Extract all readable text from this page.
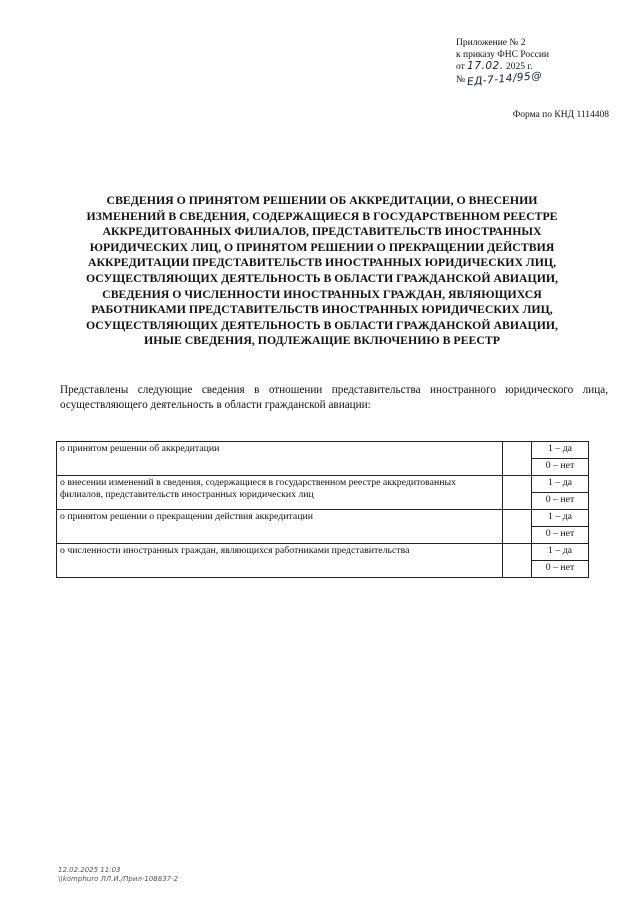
Приложение № 2
к приказу ФНС России
от 17.02. 2025 г.
№ ЕД-7-14/95@
Форма по КНД 1114408
СВЕДЕНИЯ О ПРИНЯТОМ РЕШЕНИИ ОБ АККРЕДИТАЦИИ, О ВНЕСЕНИИ
ИЗМЕНЕНИЙ В СВЕДЕНИЯ, СОДЕРЖАЩИЕСЯ В ГОСУДАРСТВЕННОМ РЕЕСТРЕ
АККРЕДИТОВАННЫХ ФИЛИАЛОВ, ПРЕДСТАВИТЕЛЬСТВ ИНОСТРАННЫХ
ЮРИДИЧЕСКИХ ЛИЦ, О ПРИНЯТОМ РЕШЕНИИ О ПРЕКРАЩЕНИИ ДЕЙСТВИЯ
АККРЕДИТАЦИИ ПРЕДСТАВИТЕЛЬСТВ ИНОСТРАННЫХ ЮРИДИЧЕСКИХ ЛИЦ,
ОСУЩЕСТВЛЯЮЩИХ ДЕЯТЕЛЬНОСТЬ В ОБЛАСТИ ГРАЖДАНСКОЙ АВИАЦИИ,
СВЕДЕНИЯ О ЧИСЛЕННОСТИ ИНОСТРАННЫХ ГРАЖДАН, ЯВЛЯЮЩИХСЯ
РАБОТНИКАМИ ПРЕДСТАВИТЕЛЬСТВ ИНОСТРАННЫХ ЮРИДИЧЕСКИХ ЛИЦ,
ОСУЩЕСТВЛЯЮЩИХ ДЕЯТЕЛЬНОСТЬ В ОБЛАСТИ ГРАЖДАНСКОЙ АВИАЦИИ,
ИНЫЕ СВЕДЕНИЯ, ПОДЛЕЖАЩИЕ ВКЛЮЧЕНИЮ В РЕЕСТР
Представлены следующие сведения в отношении представительства иностранного юридического лица,
осуществляющего деятельность в области гражданской авиации:
о принятом решении об аккредитации		1 – да
		0 – нет
о внесении изменений в сведения, содержащиеся в государственном реестре аккредитованных филиалов, представительств иностранных юридических лиц		1 – да
		0 – нет
о принятом решении о прекращении действия аккредитации		1 – да
		0 – нет
о численности иностранных граждан, являющихся работниками представительства		1 – да
		0 – нет
12.02.2025 11:03
\\komphuro ЛЛ.И./Прил-108837-2
